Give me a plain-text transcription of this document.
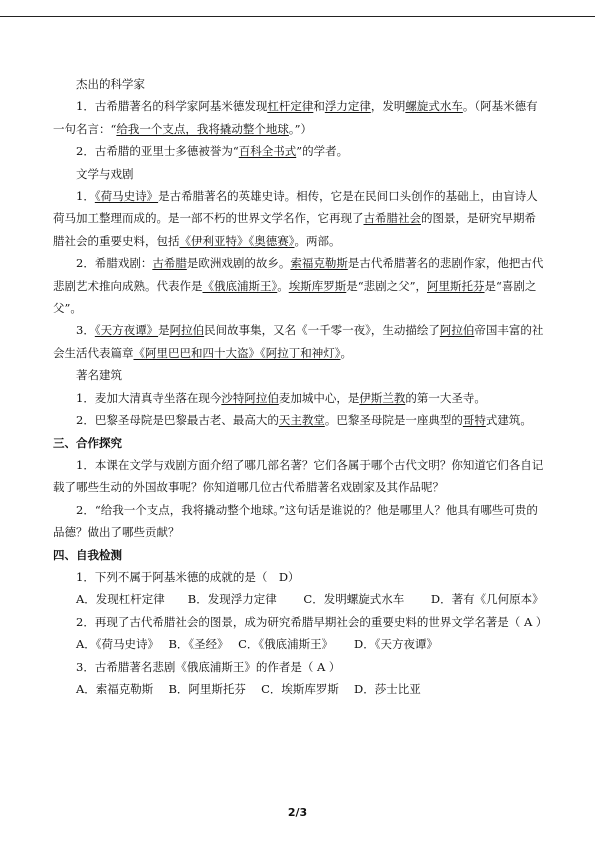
杰出的科学家

1．古希腊著名的科学家阿基米德发现杠杆定律和浮力定律，发明螺旋式水车。（阿基米德有一句名言：“给我一个支点，我将撬动整个地球。”）

2．古希腊的亚里士多德被誉为“百科全书式”的学者。

文学与戏剧

1．《荷马史诗》是古希腊著名的英雄史诗。相传，它是在民间口头创作的基础上，由盲诗人荷马加工整理而成的。是一部不朽的世界文学名作，它再现了古希腊社会的图景，是研究早期希腊社会的重要史料，包括《伊利亚特》《奥德赛》。两部。

2．希腊戏剧：古希腊是欧洲戏剧的故乡。索福克勒斯是古代希腊著名的悲剧作家，他把古代悲剧艺术推向成熟。代表作是《俄底浦斯王》。埃斯库罗斯是“悲剧之父”，阿里斯托芬是“喜剧之父”。

3．《天方夜谭》是阿拉伯民间故事集，又名《一千零一夜》，生动描绘了阿拉伯帝国丰富的社会生活代表篇章《阿里巴巴和四十大盗》《阿拉丁和神灯》。

著名建筑

1．麦加大清真寺坐落在现今沙特阿拉伯麦加城中心，是伊斯兰教的第一大圣寺。

2．巴黎圣母院是巴黎最古老、最高大的天主教堂。巴黎圣母院是一座典型的哥特式建筑。

三、合作探究

1．本课在文学与戏剧方面介绍了哪几部名著？它们各属于哪个古代文明？你知道它们各自记载了哪些生动的外国故事呢？你知道哪几位古代希腊著名戏剧家及其作品呢？

2．“给我一个支点，我将撬动整个地球。”这句话是谁说的？他是哪里人？他具有哪些可贵的品德？做出了哪些贡献？

四、自我检测

1．下列不属于阿基米德的成就的是（　D）

A．发现杠杆定律　　B．发现浮力定律　　 C．发明螺旋式水车　　 D．著有《几何原本》

2．再现了古代希腊社会的图景，成为研究希腊早期社会的重要史料的世界文学名著是（ A ）

A．《荷马史诗》　 B．《圣经》　 C．《俄底浦斯王》　　 D．《天方夜谭》

3．古希腊著名悲剧《俄底浦斯王》的作者是（ A ）

A．索福克勒斯　 B．阿里斯托芬　 C．埃斯库罗斯　 D．莎士比亚

2/3
